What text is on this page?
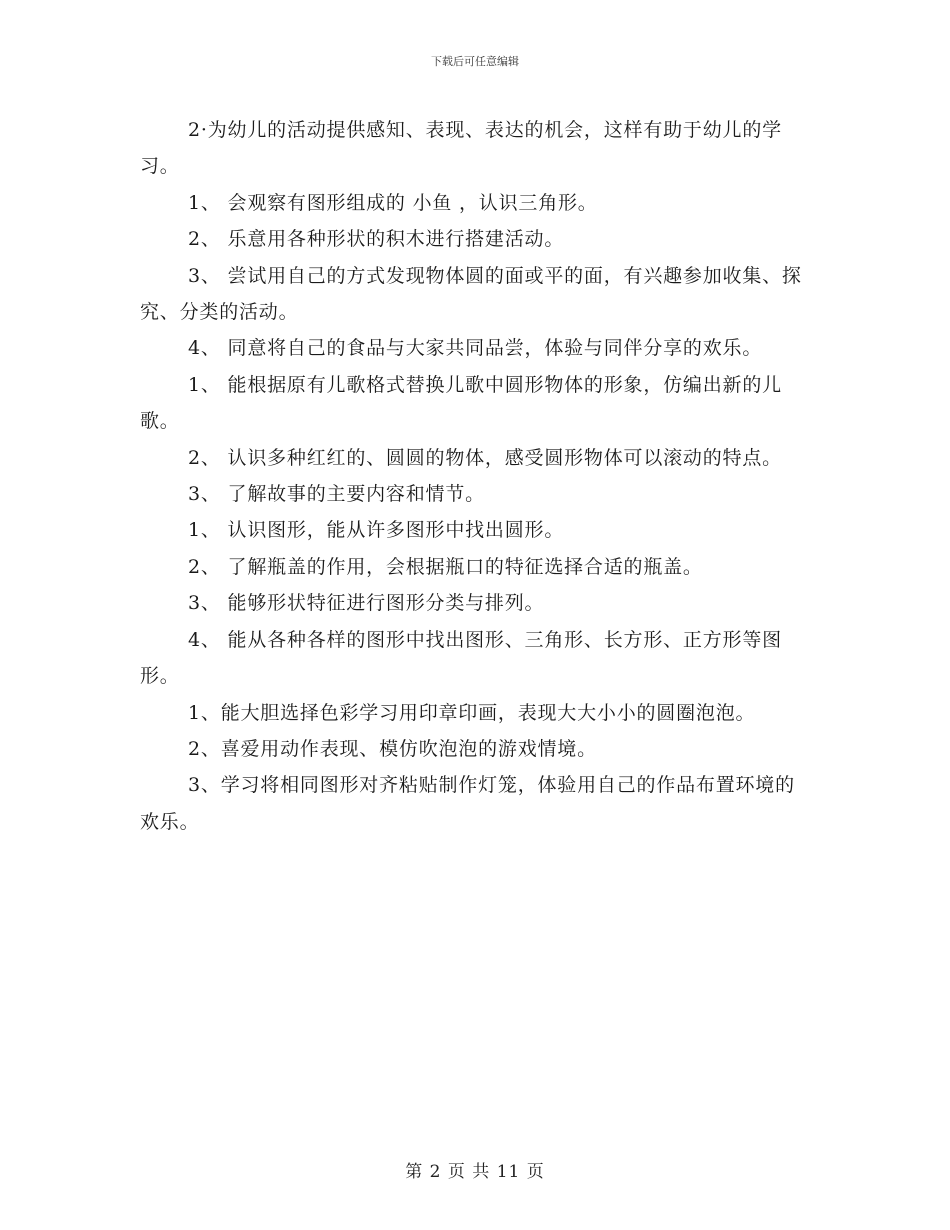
下载后可任意编辑

2·为幼儿的活动提供感知、表现、表达的机会，这样有助于幼儿的学习。

1、 会观察有图形组成的 小鱼 ，认识三角形。

2、 乐意用各种形状的积木进行搭建活动。

3、 尝试用自己的方式发现物体圆的面或平的面，有兴趣参加收集、探究、分类的活动。

4、 同意将自己的食品与大家共同品尝，体验与同伴分享的欢乐。

1、 能根据原有儿歌格式替换儿歌中圆形物体的形象，仿编出新的儿歌。

2、 认识多种红红的、圆圆的物体，感受圆形物体可以滚动的特点。

3、 了解故事的主要内容和情节。

1、 认识图形，能从许多图形中找出圆形。

2、 了解瓶盖的作用，会根据瓶口的特征选择合适的瓶盖。

3、 能够形状特征进行图形分类与排列。

4、 能从各种各样的图形中找出图形、三角形、长方形、正方形等图形。

1、能大胆选择色彩学习用印章印画，表现大大小小的圆圈泡泡。

2、喜爱用动作表现、模仿吹泡泡的游戏情境。

3、学习将相同图形对齐粘贴制作灯笼，体验用自己的作品布置环境的欢乐。

第 2 页 共 11 页
